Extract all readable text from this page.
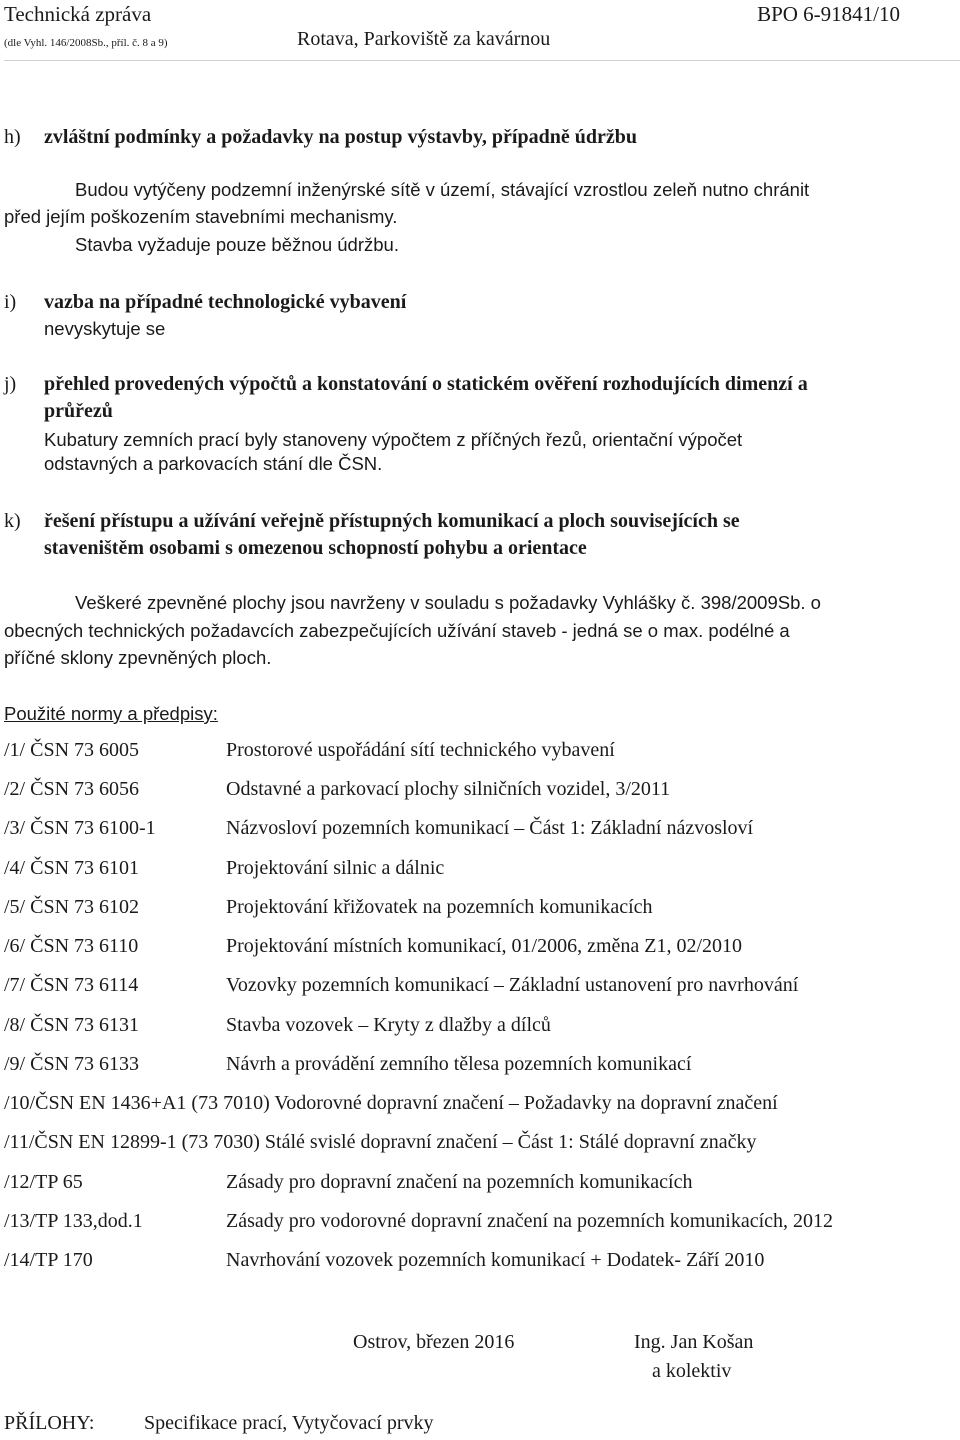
Technická zpráva
(dle Vyhl. 146/2008Sb., příl. č. 8 a 9)
BPO 6-91841/10
Rotava, Parkoviště za kavárnou
h) zvláštní podmínky a požadavky na postup výstavby, případně údržbu
Budou vytýčeny podzemní inženýrské sítě v území, stávající vzrostlou zeleň nutno chránit
před jejím poškozením stavebními mechanismy.
Stavba vyžaduje pouze běžnou údržbu.
i) vazba na případné technologické vybavení
nevyskytuje se
j) přehled provedených výpočtů a konstatování o statickém ověření rozhodujících dimenzí a
průřezů
Kubatury zemních prací byly stanoveny výpočtem z příčných řezů, orientační výpočet
odstavných a parkovacích stání dle ČSN.
k) řešení přístupu a užívání veřejně přístupných komunikací a ploch souvisejících se
staveništěm osobami s omezenou schopností pohybu a orientace
Veškeré zpevněné plochy jsou navrženy v souladu s požadavky Vyhlášky č. 398/2009Sb. o
obecných technických požadavcích zabezpečujících užívání staveb - jedná se o max. podélné a
příčné sklony zpevněných ploch.
Použité normy a předpisy:
/1/ ČSN 73 6005	Prostorové uspořádání sítí technického vybavení
/2/ ČSN 73 6056	Odstavné a parkovací plochy silničních vozidel, 3/2011
/3/ ČSN 73 6100-1	Názvosloví pozemních komunikací – Část 1: Základní názvosloví
/4/ ČSN 73 6101	Projektování silnic a dálnic
/5/ ČSN 73 6102	Projektování křižovatek na pozemních komunikacích
/6/ ČSN 73 6110	Projektování místních komunikací, 01/2006, změna Z1, 02/2010
/7/ ČSN 73 6114	Vozovky pozemních komunikací – Základní ustanovení pro navrhování
/8/ ČSN 73 6131	Stavba vozovek – Kryty z dlažby a dílců
/9/ ČSN 73 6133	Návrh a provádění zemního tělesa pozemních komunikací
/10/ČSN EN 1436+A1 (73 7010) Vodorovné dopravní značení – Požadavky na dopravní značení
/11/ČSN EN 12899-1 (73 7030) Stálé svislé dopravní značení – Část 1: Stálé dopravní značky
/12/TP 65	Zásady pro dopravní značení na pozemních komunikacích
/13/TP 133,dod.1	Zásady pro vodorovné dopravní značení na pozemních komunikacích, 2012
/14/TP 170	Navrhování vozovek pozemních komunikací + Dodatek- Září 2010
Ostrov, březen 2016	Ing. Jan Košan
a kolektiv
PŘÍLOHY: Specifikace prací, Vytyčovací prvky
